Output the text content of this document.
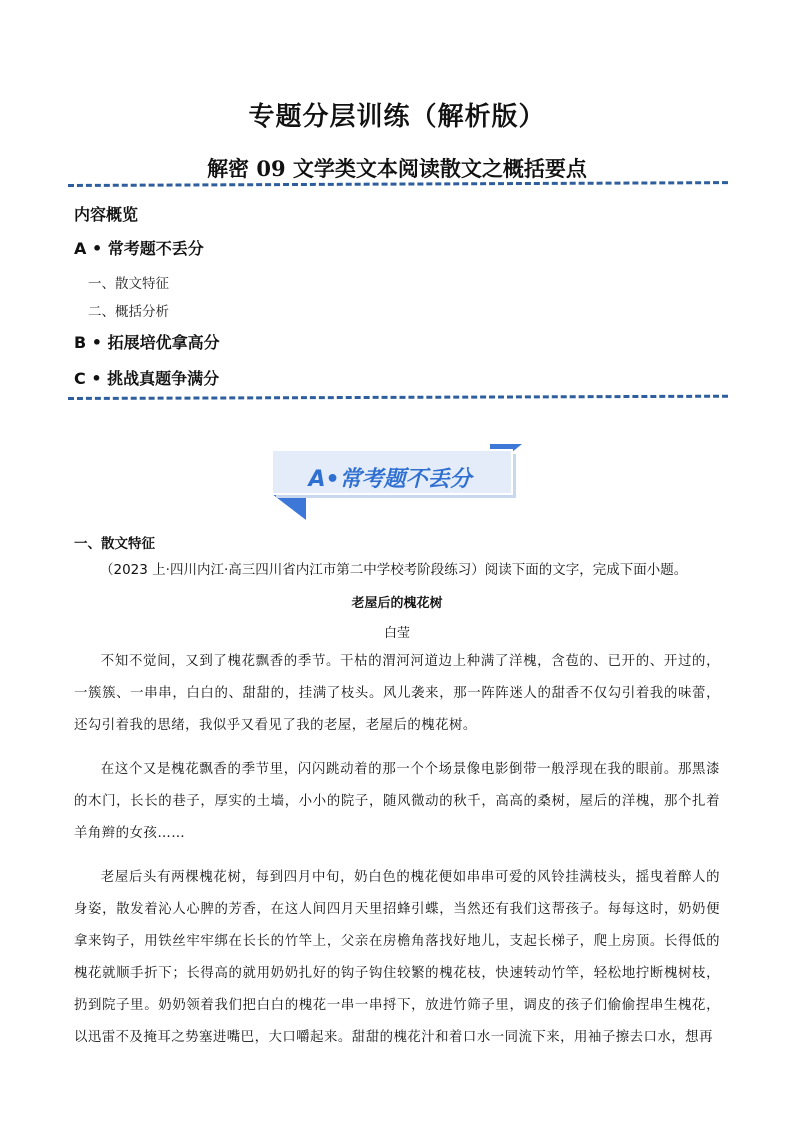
专题分层训练（解析版）
解密 09 文学类文本阅读散文之概括要点
内容概览
A • 常考题不丢分
一、散文特征
二、概括分析
B • 拓展培优拿高分
C • 挑战真题争满分
A•常考题不丢分
一、散文特征
（2023 上·四川内江·高三四川省内江市第二中学校考阶段练习）阅读下面的文字，完成下面小题。
老屋后的槐花树
白莹

不知不觉间，又到了槐花飘香的季节。干枯的渭河河道边上种满了洋槐，含苞的、已开的、开过的，一簇簇、一串串，白白的、甜甜的，挂满了枝头。风儿袭来，那一阵阵迷人的甜香不仅勾引着我的味蕾，还勾引着我的思绪，我似乎又看见了我的老屋，老屋后的槐花树。

在这个又是槐花飘香的季节里，闪闪跳动着的那一个个场景像电影倒带一般浮现在我的眼前。那黑漆的木门，长长的巷子，厚实的土墙，小小的院子，随风微动的秋千，高高的桑树，屋后的洋槐，那个扎着羊角辫的女孩……

老屋后头有两棵槐花树，每到四月中旬，奶白色的槐花便如串串可爱的风铃挂满枝头，摇曳着醉人的身姿，散发着沁人心脾的芳香，在这人间四月天里招蜂引蝶，当然还有我们这帮孩子。每每这时，奶奶便拿来钩子，用铁丝牢牢绑在长长的竹竿上，父亲在房檐角落找好地儿，支起长梯子，爬上房顶。长得低的槐花就顺手折下；长得高的就用奶奶扎好的钩子钩住较繁的槐花枝，快速转动竹竿，轻松地拧断槐树枝，扔到院子里。奶奶领着我们把白白的槐花一串一串捋下，放进竹筛子里，调皮的孩子们偷偷捏串生槐花，以迅雷不及掩耳之势塞进嘴巴，大口嚼起来。甜甜的槐花汁和着口水一同流下来，用袖子擦去口水，想再
